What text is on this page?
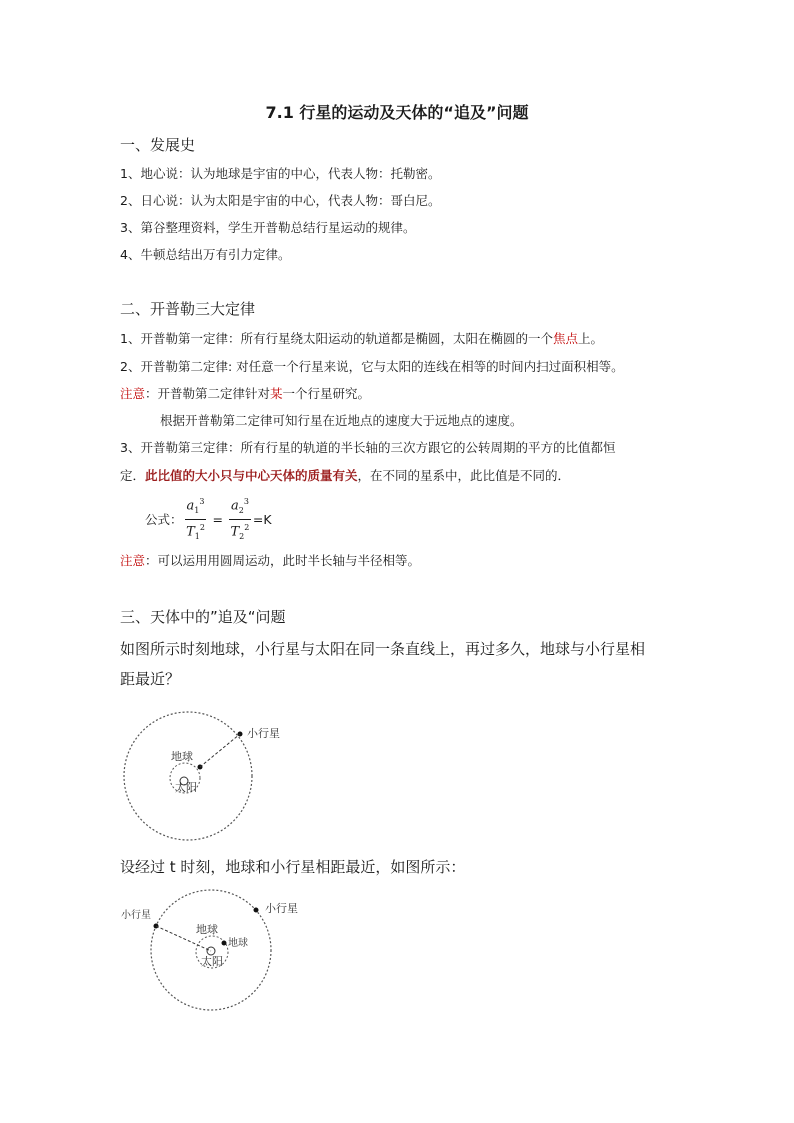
7.1 行星的运动及天体的“追及”问题
一、发展史
1、地心说：认为地球是宇宙的中心，代表人物：托勒密。
2、日心说：认为太阳是宇宙的中心，代表人物：哥白尼。
3、第谷整理资料，学生开普勒总结行星运动的规律。
4、牛顿总结出万有引力定律。
二、开普勒三大定律
1、开普勒第一定律：所有行星绕太阳运动的轨道都是椭圆，太阳在椭圆的一个焦点上。
2、开普勒第二定律: 对任意一个行星来说，它与太阳的连线在相等的时间内扫过面积相等。
注意：开普勒第二定律针对某一个行星研究。
根据开普勒第二定律可知行星在近地点的速度大于远地点的速度。
3、开普勒第三定律：所有行星的轨道的半长轴的三次方跟它的公转周期的平方的比值都恒
定．此比值的大小只与中心天体的质量有关，在不同的星系中，此比值是不同的．
公式： $\frac{a_1^3}{T_1^2} = \frac{a_2^3}{T_2^2} =K$
注意：可以运用用圆周运动，此时半长轴与半径相等。
三、天体中的”追及“问题
如图所示时刻地球，小行星与太阳在同一条直线上，再过多久，地球与小行星相
距最近？
小行星
地球
太阳
设经过 t 时刻，地球和小行星相距最近，如图所示：
小行星
小行星
地球
地球
太阳
